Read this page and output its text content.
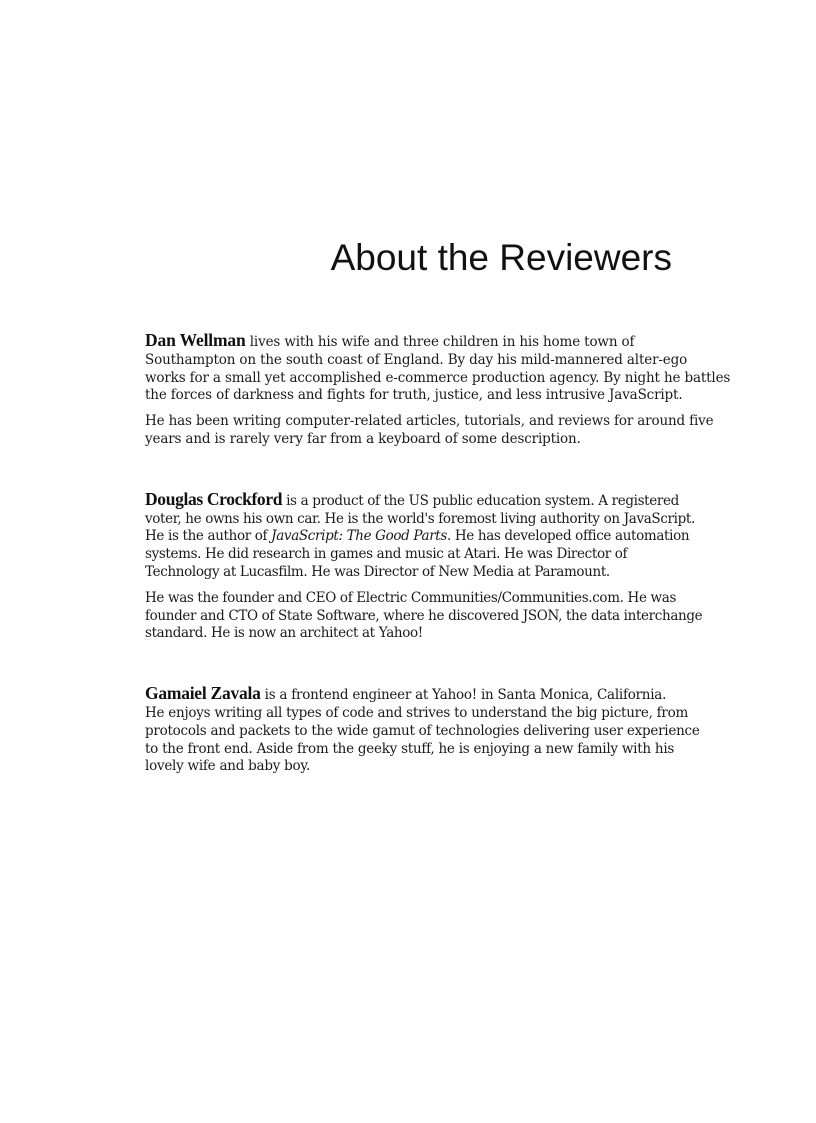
About the Reviewers

Dan Wellman lives with his wife and three children in his home town of
Southampton on the south coast of England. By day his mild-mannered alter-ego
works for a small yet accomplished e-commerce production agency. By night he battles
the forces of darkness and fights for truth, justice, and less intrusive JavaScript.

He has been writing computer-related articles, tutorials, and reviews for around five
years and is rarely very far from a keyboard of some description.

Douglas Crockford is a product of the US public education system. A registered
voter, he owns his own car. He is the world's foremost living authority on JavaScript.
He is the author of JavaScript: The Good Parts. He has developed office automation
systems. He did research in games and music at Atari. He was Director of
Technology at Lucasfilm. He was Director of New Media at Paramount.

He was the founder and CEO of Electric Communities/Communities.com. He was
founder and CTO of State Software, where he discovered JSON, the data interchange
standard. He is now an architect at Yahoo!

Gamaiel Zavala is a frontend engineer at Yahoo! in Santa Monica, California.
He enjoys writing all types of code and strives to understand the big picture, from
protocols and packets to the wide gamut of technologies delivering user experience
to the front end. Aside from the geeky stuff, he is enjoying a new family with his
lovely wife and baby boy.
